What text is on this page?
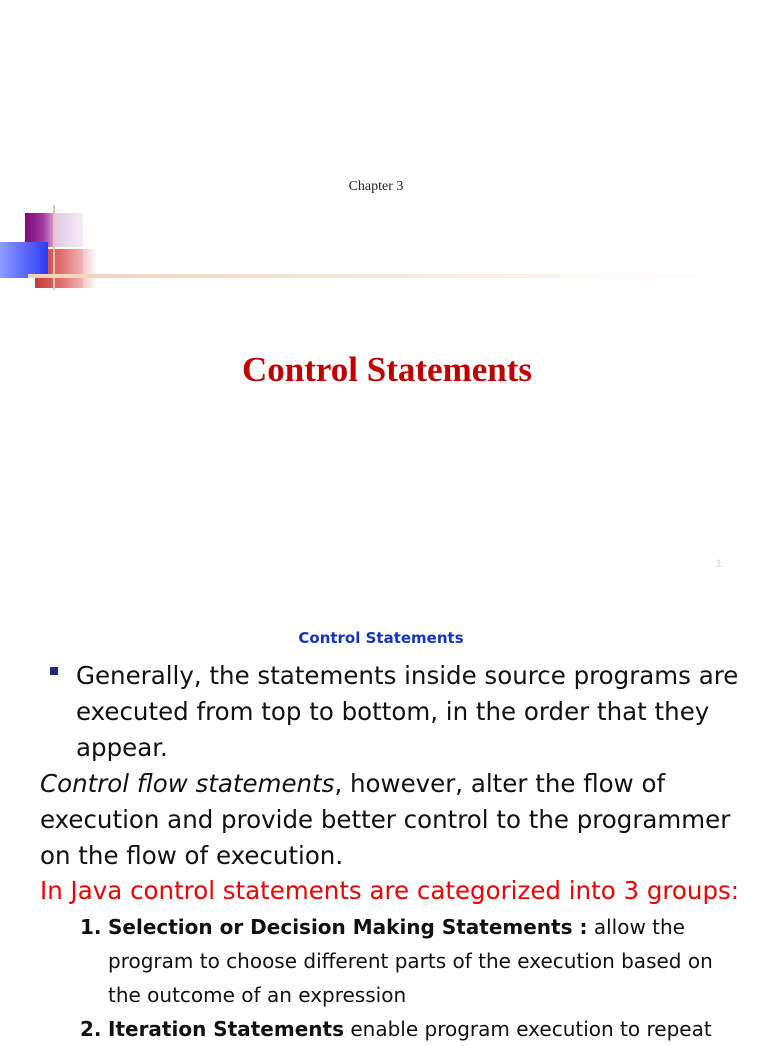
Chapter 3
Control Statements
1
Control Statements

Generally, the statements inside source programs are executed from top to bottom, in the order that they appear.

Control flow statements, however, alter the flow of execution and provide better control to the programmer on the flow of execution.

In Java control statements are categorized into 3 groups:

1. Selection or Decision Making Statements : allow the
program to choose different parts of the execution based on the outcome of an expression
2. Iteration Statements enable program execution to repeat
